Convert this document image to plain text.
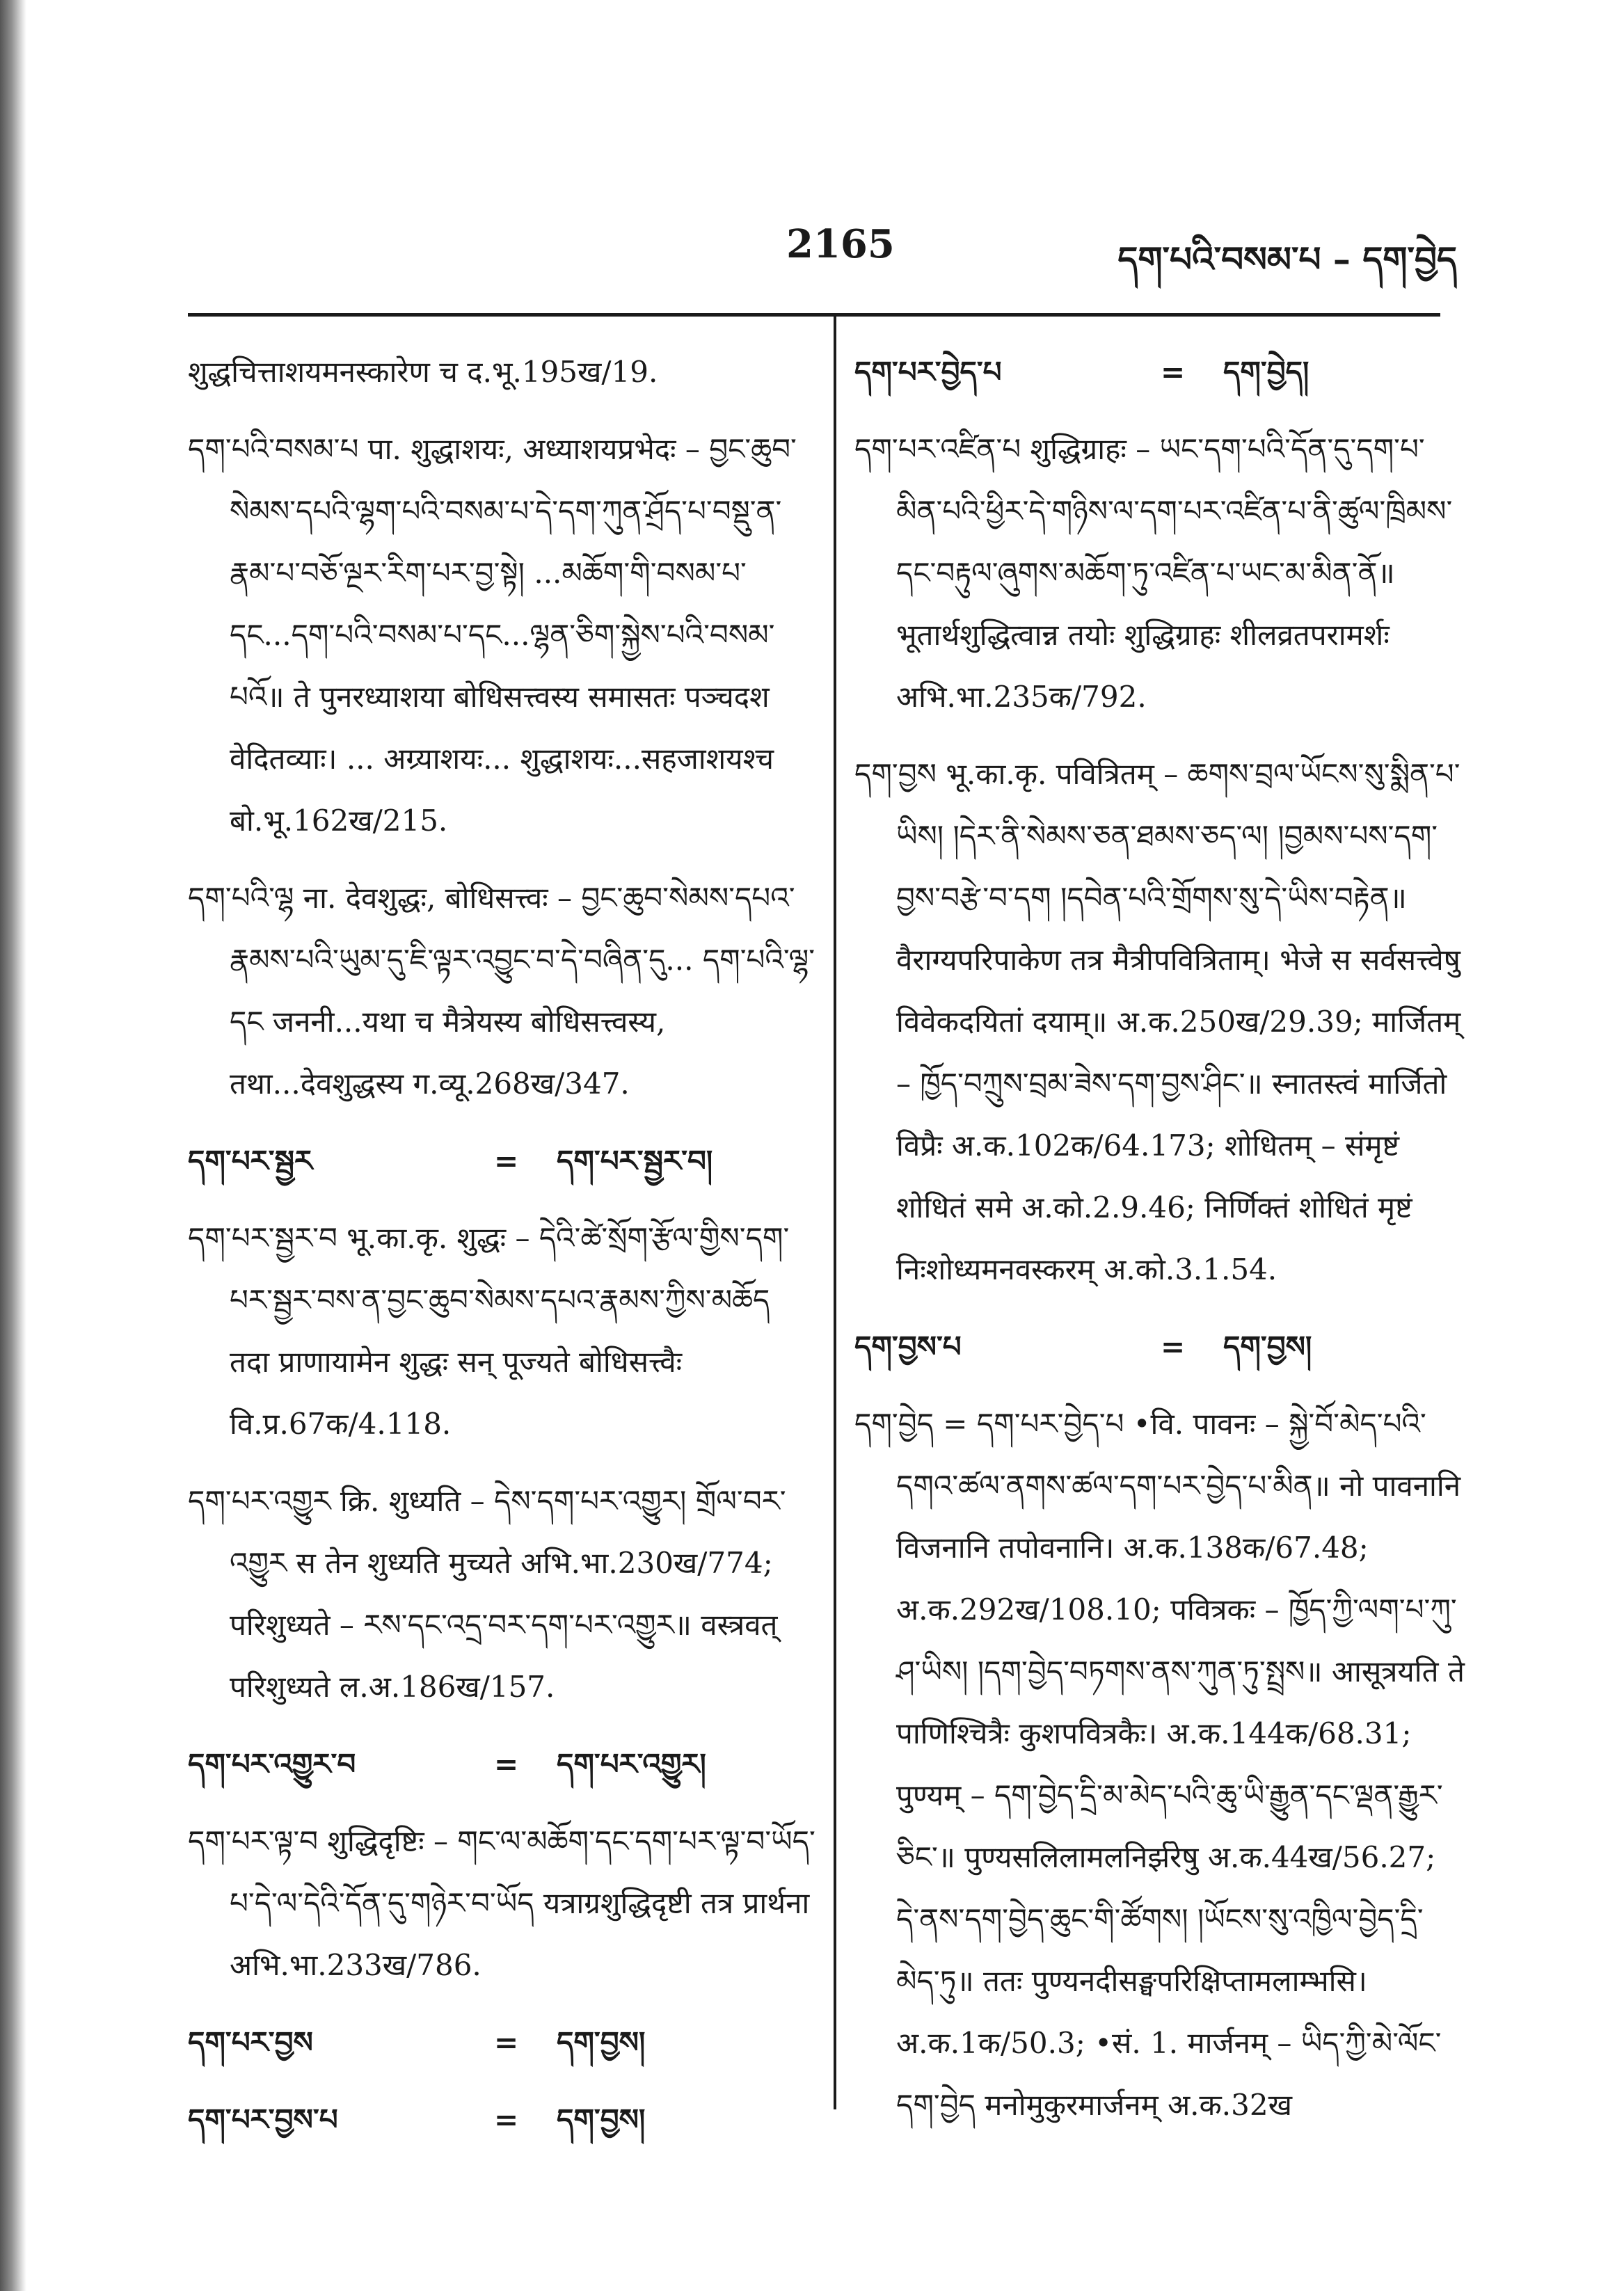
2165	དག་པའི་བསམ་པ – དག་བྱེད

शुद्धचित्ताशयमनस्कारेण च द.भू.195ख/19.

དག་པའི་བསམ་པ पा. शुद्धाशयः, अध्याशयप्रभेदः – བྱང་ཆུབ་སེམས་དཔའི་ལྷག་པའི་བསམ་པ་དེ་དག་ཀུན་ཤྲོད་པ་བསྡུ་ན་རྣམ་པ་བཅོ་ལྔར་རིག་པར་བྱ་སྟེ། ...མཆོག་གི་བསམ་པ་དང...དག་པའི་བསམ་པ་དང...ལྷན་ཅིག་སྐྱེས་པའི་བསམ་པའོ॥ ते पुनरध्याशया बोधिसत्त्वस्य समासतः पञ्चदश वेदितव्याः। ... अग्र्याशयः... शुद्धाशयः...सहजाशयश्च बो.भू.162ख/215.

དག་པའི་ལྷ ना. देवशुद्धः, बोधिसत्त्वः – བྱང་ཆུབ་སེམས་དཔའ་རྣམས་པའི་ཡུམ་དུ་ཇི་ལྟར་འབྱུང་བ་དེ་བཞིན་དུ... དག་པའི་ལྷ་དང जननी...यथा च मैत्रेयस्य बोधिसत्त्वस्य, तथा...देवशुद्धस्य ग.व्यू.268ख/347.

དག་པར་སྦྱར	=	དག་པར་སྦྱར་བ།

དག་པར་སྦྱར་བ भू.का.कृ. शुद्धः – དེའི་ཚེ་སྲོག་རྩོལ་གྱིས་དག་པར་སྦྱར་བས་ན་བྱང་ཆུབ་སེམས་དཔའ་རྣམས་ཀྱིས་མཆོད तदा प्राणायामेन शुद्धः सन् पूज्यते बोधिसत्त्वैः वि.प्र.67क/4.118.

དག་པར་འགྱུར क्रि. शुध्यति – དེས་དག་པར་འགྱུར། གྲོལ་བར་འགྱུར स तेन शुध्यति मुच्यते अभि.भा.230ख/774; परिशुध्यते – རས་དང་འདྲ་བར་དག་པར་འགྱུར॥ वस्त्रवत् परिशुध्यते ल.अ.186ख/157.

དག་པར་འགྱུར་བ	=	དག་པར་འགྱུར།

དག་པར་ལྟ་བ शुद्धिदृष्टिः – གང་ལ་མཆོག་དང་དག་པར་ལྟ་བ་ཡོད་པ་དེ་ལ་དེའི་དོན་དུ་གཉེར་བ་ཡོད यत्राग्रशुद्धिदृष्टी तत्र प्रार्थना अभि.भा.233ख/786.

དག་པར་བྱས	=	དག་བྱས།
དག་པར་བྱས་པ	=	དག་བྱས།
དག་པར་བྱེད་པ	=	དག་བྱེད།

དག་པར་འཛིན་པ शुद्धिग्राहः – ཡང་དག་པའི་དོན་དུ་དག་པ་མིན་པའི་ཕྱིར་དེ་གཉིས་ལ་དག་པར་འཛིན་པ་ནི་ཚུལ་ཁྲིམས་དང་བརྟུལ་ཞུགས་མཆོག་ཏུ་འཛིན་པ་ཡང་མ་མིན་ནོ॥ भूतार्थशुद्धित्वान्न तयोः शुद्धिग्राहः शीलव्रतपरामर्शः अभि.भा.235क/792.

དག་བྱས भू.का.कृ. पवित्रितम् – ཆགས་བྲལ་ཡོངས་སུ་སྨིན་པ་ཡིས། །དེར་ནི་སེམས་ཅན་ཐམས་ཅད་ལ། །བྱམས་པས་དག་བྱས་བརྩེ་བ་དག །དབེན་པའི་གྲོགས་སུ་དེ་ཡིས་བརྟེན॥ वैराग्यपरिपाकेण तत्र मैत्रीपवित्रिताम्। भेजे स सर्वसत्त्वेषु विवेकदयितां दयाम्॥ अ.क.250ख/29.39; मार्जितम् – ཁྱོད་བཀྲུས་བྲམ་ཟེས་དག་བྱས་ཤིང་॥ स्नातस्त्वं मार्जितो विप्रैः अ.क.102क/64.173; शोधितम् – संमृष्टं शोधितं समे अ.को.2.9.46; निर्णिक्तं शोधितं मृष्टं निःशोध्यमनवस्करम् अ.को.3.1.54.

དག་བྱས་པ	=	དག་བྱས།

དག་བྱེད = དག་པར་བྱེད་པ •वि. पावनः – སྐྱེ་བོ་མེད་པའི་དགའ་ཚལ་ནགས་ཚལ་དག་པར་བྱེད་པ་མིན॥ नो पावनानि विजनानि तपोवनानि। अ.क.138क/67.48; अ.क.292ख/108.10; पवित्रकः – ཁྱོད་ཀྱི་ལག་པ་ཀུ་ཤ་ཡིས། །དག་བྱེད་བཏགས་ནས་ཀུན་ཏུ་སྤྲས॥ आसूत्रयति ते पाणिश्चित्रैः कुशपवित्रकैः। अ.क.144क/68.31; पुण्यम् – དག་བྱེད་དྲི་མ་མེད་པའི་ཆུ་ཡི་རྒྱུན་དང་ལྡན་རྒྱུར་ཅིང་॥ पुण्यसलिलामलनिर्झरेषु अ.क.44ख/56.27; དེ་ནས་དག་བྱེད་ཆུང་གི་ཚོགས། །ཡོངས་སུ་འཁྱིལ་བྱེད་དྲི་མེད་ཏུ॥ ततः पुण्यनदीसङ्घपरिक्षिप्तामलाम्भसि। अ.क.1क/50.3; •सं. 1. मार्जनम् – ཡིད་ཀྱི་མེ་ལོང་དག་བྱེད मनोमुकुरमार्जनम् अ.क.32ख
